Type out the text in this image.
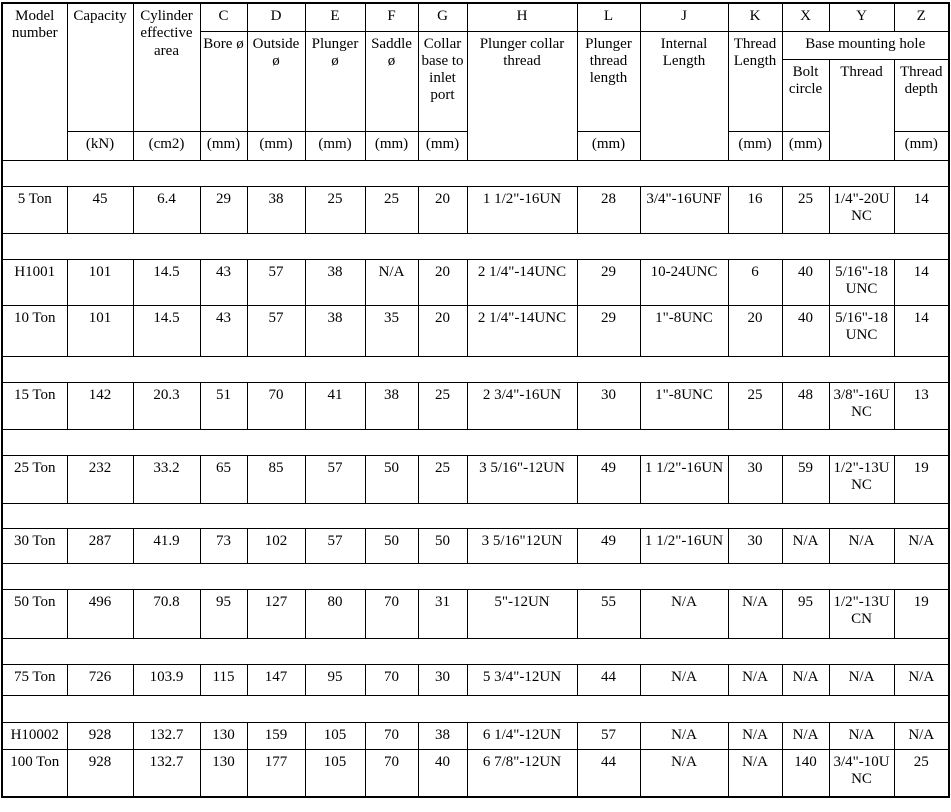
Model number	Capacity	Cylinder effective area	C	D	E	F	G	H	L	J	K	X	Y	Z
			Bore ø	Outside ø	Plunger ø	Saddle ø	Collar base to inlet port	Plunger collar thread	Plunger thread length	Internal Length	Thread Length	Base mounting hole		
												Bolt circle	Thread	Thread depth
	(kN)	(cm2)	(mm)	(mm)	(mm)	(mm)	(mm)		(mm)		(mm)	(mm)		(mm)

5 Ton	45	6.4	29	38	25	25	20	1 1/2"-16UN	28	3/4"-16UNF	16	25	1/4"-20UNC	14

H1001	101	14.5	43	57	38	N/A	20	2 1/4"-14UNC	29	10-24UNC	6	40	5/16"-18UNC	14
10 Ton	101	14.5	43	57	38	35	20	2 1/4"-14UNC	29	1"-8UNC	20	40	5/16"-18UNC	14

15 Ton	142	20.3	51	70	41	38	25	2 3/4"-16UN	30	1"-8UNC	25	48	3/8"-16UNC	13

25 Ton	232	33.2	65	85	57	50	25	3 5/16"-12UN	49	1 1/2"-16UN	30	59	1/2"-13UNC	19

30 Ton	287	41.9	73	102	57	50	50	3 5/16"12UN	49	1 1/2"-16UN	30	N/A	N/A	N/A

50 Ton	496	70.8	95	127	80	70	31	5"-12UN	55	N/A	N/A	95	1/2"-13UCN	19

75 Ton	726	103.9	115	147	95	70	30	5 3/4"-12UN	44	N/A	N/A	N/A	N/A	N/A

H10002	928	132.7	130	159	105	70	38	6 1/4"-12UN	57	N/A	N/A	N/A	N/A	N/A
100 Ton	928	132.7	130	177	105	70	40	6 7/8"-12UN	44	N/A	N/A	140	3/4"-10UNC	25
